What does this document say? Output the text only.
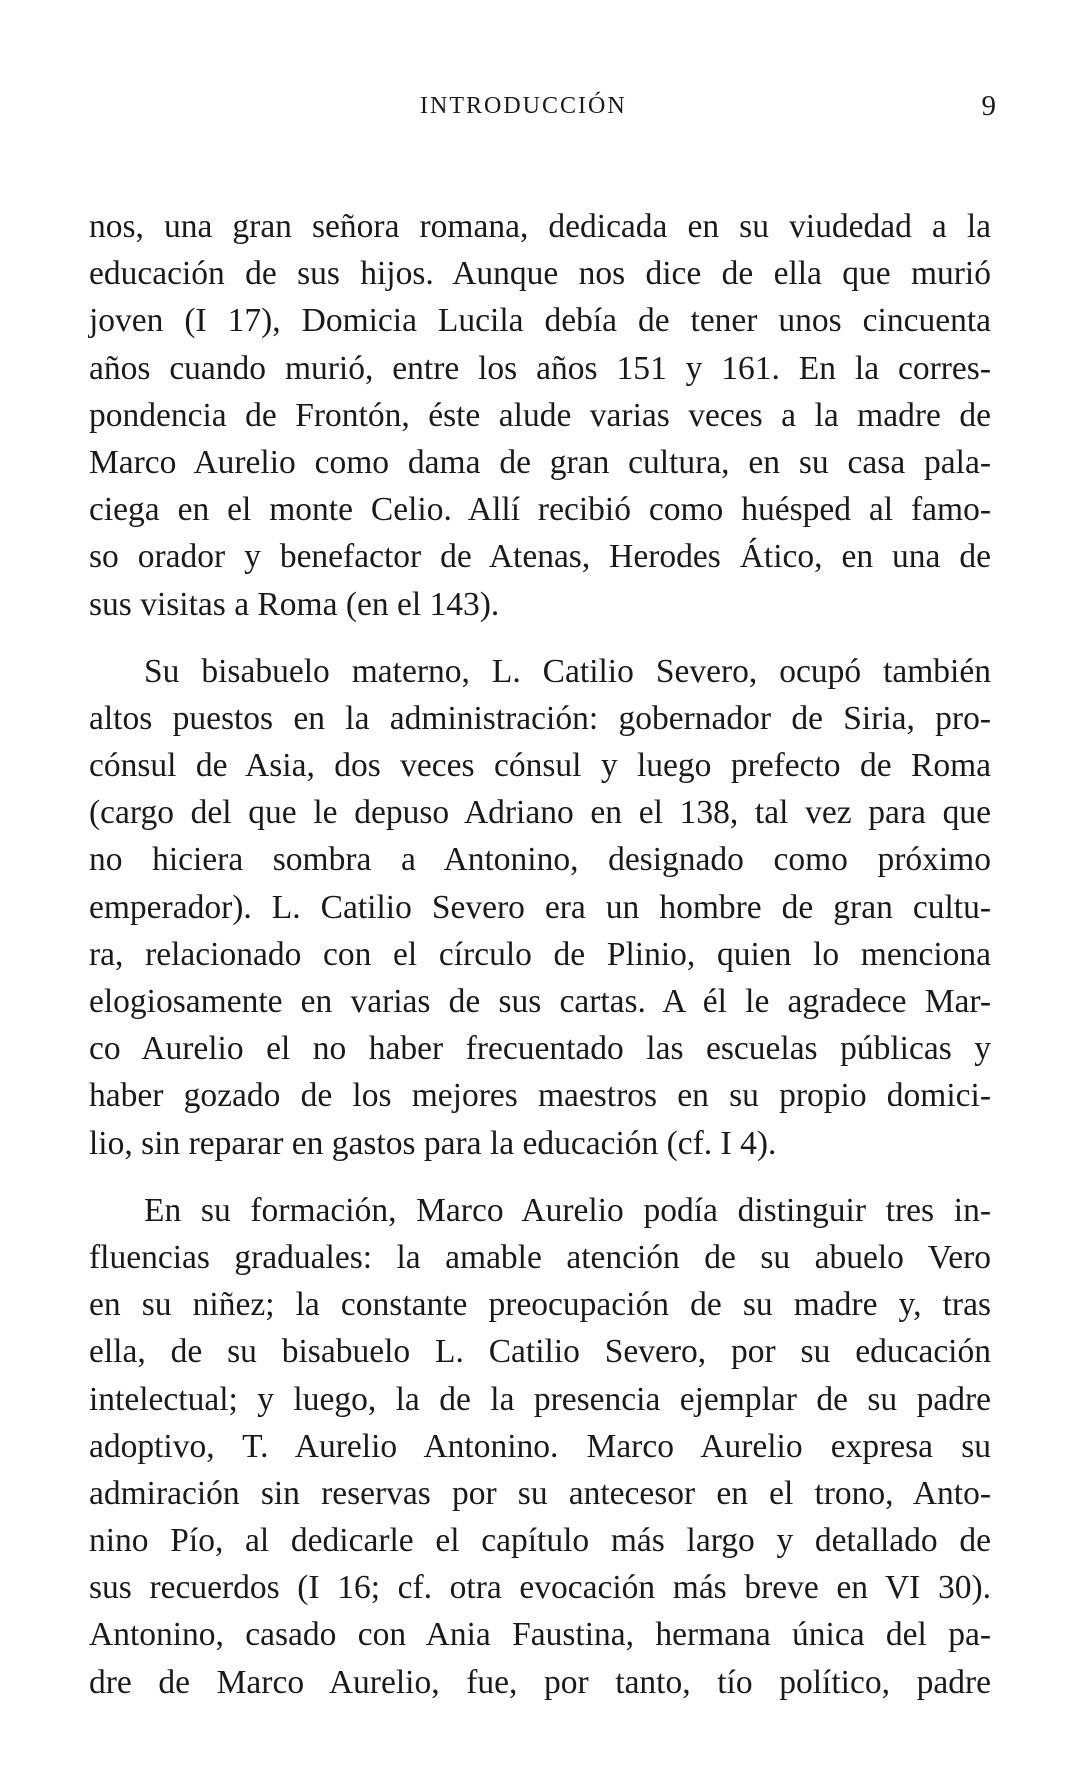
INTRODUCCIÓN	9
nos, una gran señora romana, dedicada en su viudedad a la
educación de sus hijos. Aunque nos dice de ella que murió
joven (I 17), Domicia Lucila debía de tener unos cincuenta
años cuando murió, entre los años 151 y 161. En la corres-
pondencia de Frontón, éste alude varias veces a la madre de
Marco Aurelio como dama de gran cultura, en su casa pala-
ciega en el monte Celio. Allí recibió como huésped al famo-
so orador y benefactor de Atenas, Herodes Ático, en una de
sus visitas a Roma (en el 143).
Su bisabuelo materno, L. Catilio Severo, ocupó también
altos puestos en la administración: gobernador de Siria, pro-
cónsul de Asia, dos veces cónsul y luego prefecto de Roma
(cargo del que le depuso Adriano en el 138, tal vez para que
no hiciera sombra a Antonino, designado como próximo
emperador). L. Catilio Severo era un hombre de gran cultu-
ra, relacionado con el círculo de Plinio, quien lo menciona
elogiosamente en varias de sus cartas. A él le agradece Mar-
co Aurelio el no haber frecuentado las escuelas públicas y
haber gozado de los mejores maestros en su propio domici-
lio, sin reparar en gastos para la educación (cf. I 4).
En su formación, Marco Aurelio podía distinguir tres in-
fluencias graduales: la amable atención de su abuelo Vero
en su niñez; la constante preocupación de su madre y, tras
ella, de su bisabuelo L. Catilio Severo, por su educación
intelectual; y luego, la de la presencia ejemplar de su padre
adoptivo, T. Aurelio Antonino. Marco Aurelio expresa su
admiración sin reservas por su antecesor en el trono, Anto-
nino Pío, al dedicarle el capítulo más largo y detallado de
sus recuerdos (I 16; cf. otra evocación más breve en VI 30).
Antonino, casado con Ania Faustina, hermana única del pa-
dre de Marco Aurelio, fue, por tanto, tío político, padre
